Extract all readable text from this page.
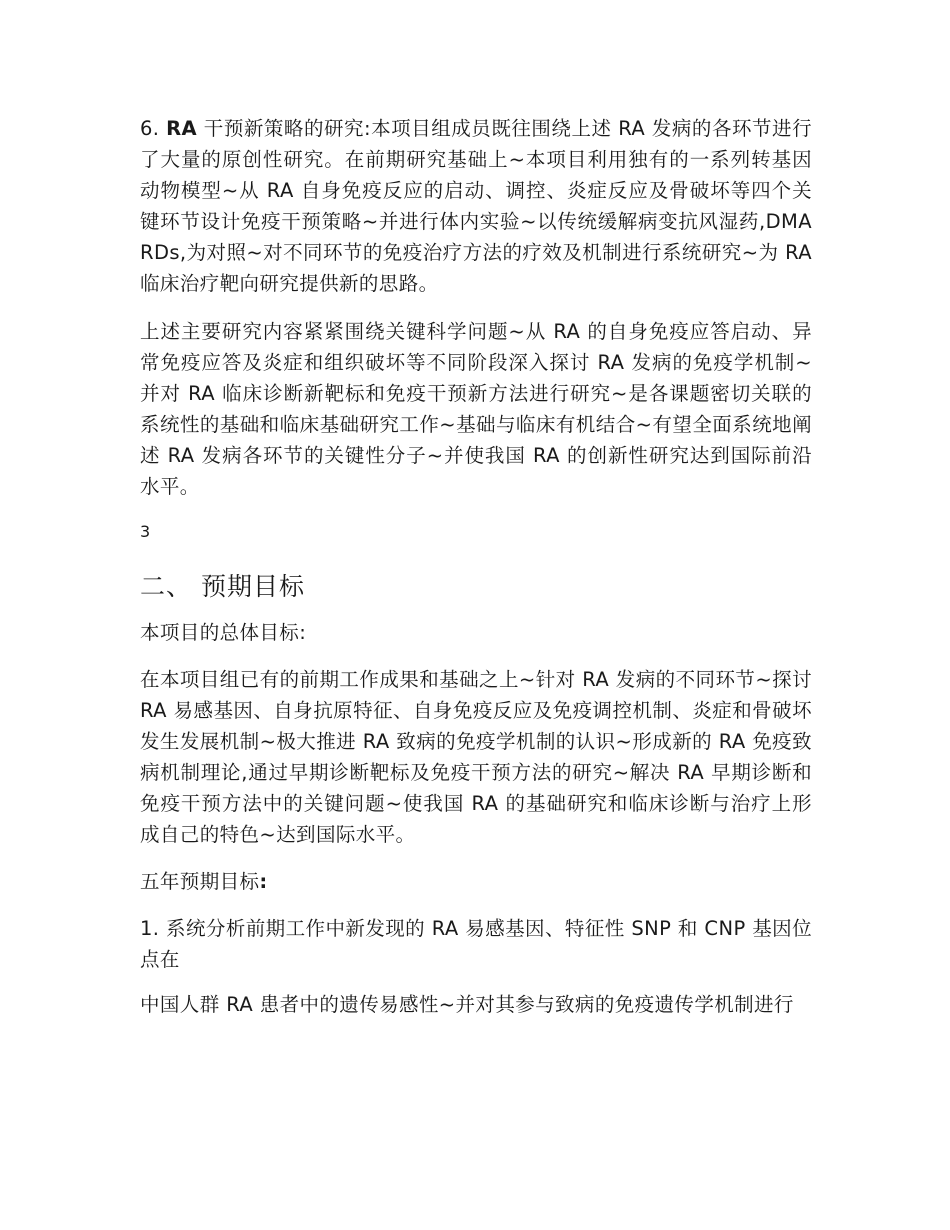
6. RA 干预新策略的研究:本项目组成员既往围绕上述 RA 发病的各环节进行了大量的原创性研究。在前期研究基础上~本项目利用独有的一系列转基因动物模型~从 RA 自身免疫反应的启动、调控、炎症反应及骨破坏等四个关键环节设计免疫干预策略~并进行体内实验~以传统缓解病变抗风湿药,DMARDs,为对照~对不同环节的免疫治疗方法的疗效及机制进行系统研究~为 RA 临床治疗靶向研究提供新的思路。

上述主要研究内容紧紧围绕关键科学问题~从 RA 的自身免疫应答启动、异常免疫应答及炎症和组织破坏等不同阶段深入探讨 RA 发病的免疫学机制~并对 RA 临床诊断新靶标和免疫干预新方法进行研究~是各课题密切关联的系统性的基础和临床基础研究工作~基础与临床有机结合~有望全面系统地阐述 RA 发病各环节的关键性分子~并使我国 RA 的创新性研究达到国际前沿水平。

3

二、 预期目标

本项目的总体目标:

在本项目组已有的前期工作成果和基础之上~针对 RA 发病的不同环节~探讨 RA 易感基因、自身抗原特征、自身免疫反应及免疫调控机制、炎症和骨破坏发生发展机制~极大推进 RA 致病的免疫学机制的认识~形成新的 RA 免疫致病机制理论,通过早期诊断靶标及免疫干预方法的研究~解决 RA 早期诊断和免疫干预方法中的关键问题~使我国 RA 的基础研究和临床诊断与治疗上形成自己的特色~达到国际水平。

五年预期目标:

1. 系统分析前期工作中新发现的 RA 易感基因、特征性 SNP 和 CNP 基因位点在

中国人群 RA 患者中的遗传易感性~并对其参与致病的免疫遗传学机制进行
